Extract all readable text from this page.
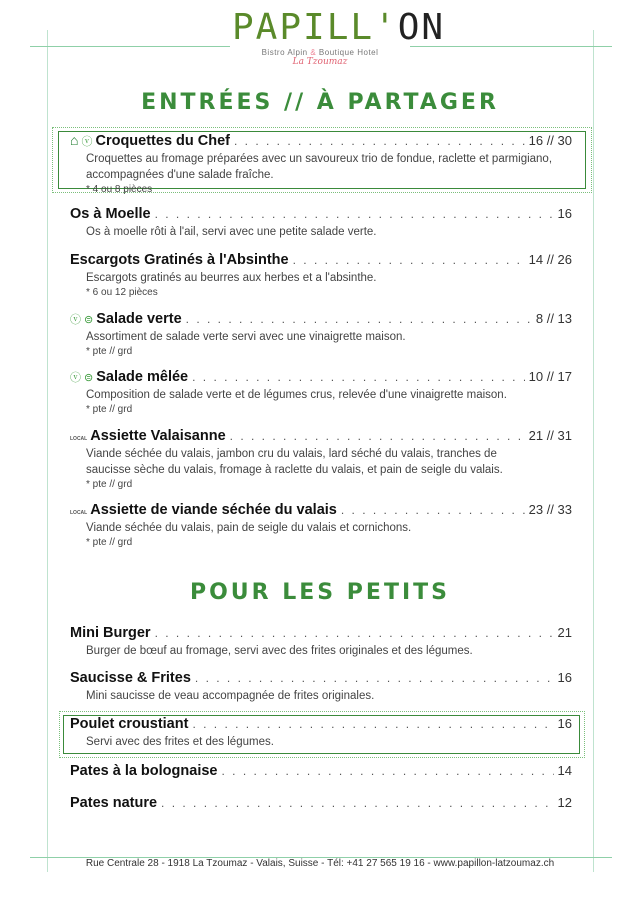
PAPILL'ON
Bistro Alpin & Boutique Hotel
La Tzoumaz
ENTRÉES // À PARTAGER
⌂ ⓥ Croquettes du Chef . . .	16 // 30
Croquettes au fromage préparées avec un savoureux trio de fondue, raclette et parmigiano, accompagnées d'une salade fraîche.
* 4 ou 8 pièces
Os à Moelle . . .	16
Os à moelle rôti à l'ail, servi avec une petite salade verte.
Escargots Gratinés à l'Absinthe . . .	14 // 26
Escargots gratinés au beurres aux herbes et a l'absinthe.
* 6 ou 12 pièces
ⓥ ⊜ Salade verte . . .	8 // 13
Assortiment de salade verte servi avec une vinaigrette maison.
* pte // grd
ⓥ ⊜ Salade mêlée . . .	10 // 17
Composition de salade verte et de légumes crus, relevée d'une vinaigrette maison.
* pte // grd
LOCAL Assiette Valaisanne . . .	21 // 31
Viande séchée du valais, jambon cru du valais, lard séché du valais, tranches de saucisse sèche du valais, fromage à raclette du valais, et pain de seigle du valais.
* pte // grd
LOCAL Assiette de viande séchée du valais . . .	23 // 33
Viande séchée du valais, pain de seigle du valais et cornichons.
* pte // grd
POUR LES PETITS
Mini Burger . . .	21
Burger de bœuf au fromage, servi avec des frites originales et des légumes.
Saucisse & Frites . . .	16
Mini saucisse de veau accompagnée de frites originales.
Poulet croustiant . . .	16
Servi avec des frites et des légumes.
Pates à la bolognaise . . .	14
Pates nature . . .	12
Rue Centrale 28 - 1918 La Tzoumaz - Valais, Suisse - Tél: +41 27 565 19 16 - www.papillon-latzoumaz.ch
